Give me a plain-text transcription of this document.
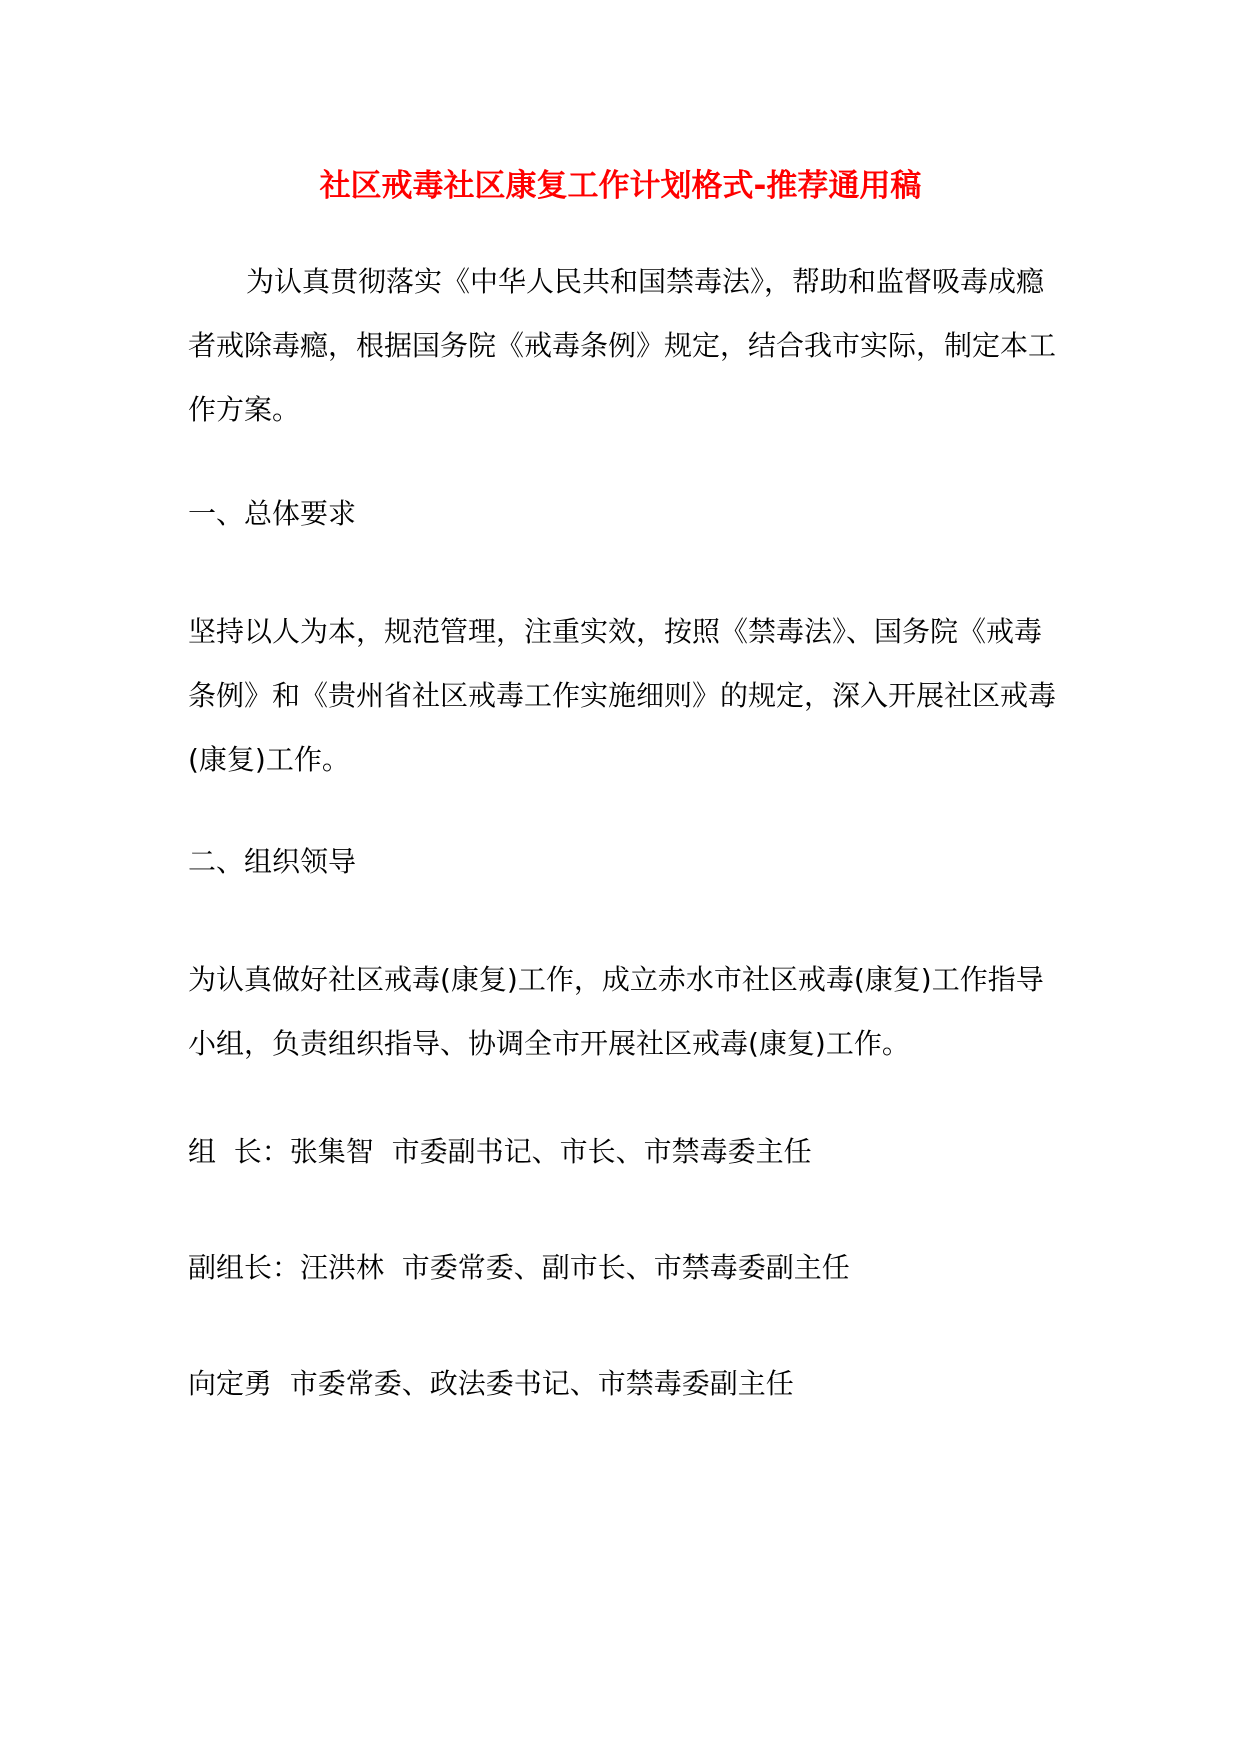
社区戒毒社区康复工作计划格式-推荐通用稿

为认真贯彻落实《中华人民共和国禁毒法》，帮助和监督吸毒成瘾者戒除毒瘾，根据国务院《戒毒条例》规定，结合我市实际，制定本工作方案。

一、总体要求

坚持以人为本，规范管理，注重实效，按照《禁毒法》、国务院《戒毒条例》和《贵州省社区戒毒工作实施细则》的规定，深入开展社区戒毒(康复)工作。

二、组织领导

为认真做好社区戒毒(康复)工作，成立赤水市社区戒毒(康复)工作指导小组，负责组织指导、协调全市开展社区戒毒(康复)工作。

组  长：张集智  市委副书记、市长、市禁毒委主任

副组长：汪洪林  市委常委、副市长、市禁毒委副主任

向定勇  市委常委、政法委书记、市禁毒委副主任
